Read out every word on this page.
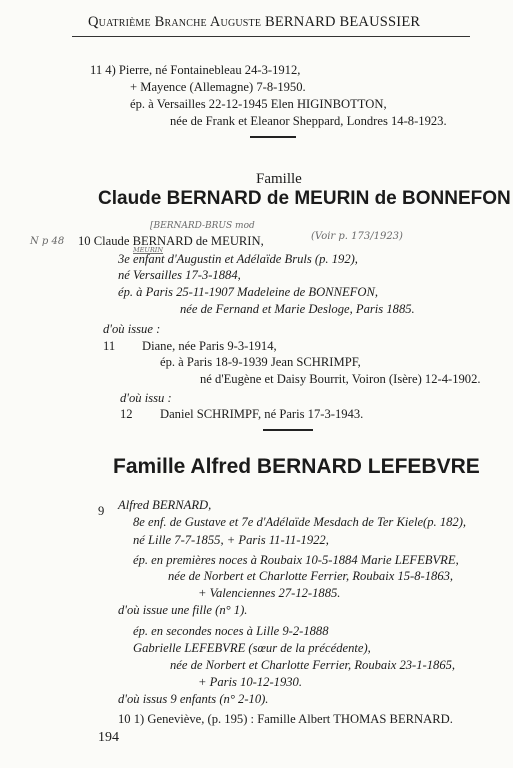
Quatrième Branche Auguste BERNARD BEAUSSIER
11 4) Pierre, né Fontainebleau 24-3-1912,
+ Mayence (Allemagne) 7-8-1950.
ép. à Versailles 22-12-1945 Elen HIGINBOTTON,
née de Frank et Eleanor Sheppard, Londres 14-8-1923.
Famille
Claude BERNARD de MEURIN de BONNEFON
N p 48
[BERNARD-BRUS mod
(Voir p. 173/1923)
MEURIN
10 Claude BERNARD de MEURIN,
3e enfant d'Augustin et Adélaïde Bruls (p. 192),
né Versailles 17-3-1884,
ép. à Paris 25-11-1907 Madeleine de BONNEFON,
née de Fernand et Marie Desloge, Paris 1885.
d'où issue :
11 Diane, née Paris 9-3-1914,
ép. à Paris 18-9-1939 Jean SCHRIMPF,
né d'Eugène et Daisy Bourrit, Voiron (Isère) 12-4-1902.
d'où issu :
12 Daniel SCHRIMPF, né Paris 17-3-1943.
Famille Alfred BERNARD LEFEBVRE
9 Alfred BERNARD,
8e enf. de Gustave et 7e d'Adélaïde Mesdach de Ter Kiele(p. 182),
né Lille 7-7-1855, + Paris 11-11-1922,
ép. en premières noces à Roubaix 10-5-1884 Marie LEFEBVRE,
née de Norbert et Charlotte Ferrier, Roubaix 15-8-1863,
+ Valenciennes 27-12-1885.
d'où issue une fille (n° 1).
ép. en secondes noces à Lille 9-2-1888
Gabrielle LEFEBVRE (sœur de la précédente),
née de Norbert et Charlotte Ferrier, Roubaix 23-1-1865,
+ Paris 10-12-1930.
d'où issus 9 enfants (n° 2-10).
10 1) Geneviève, (p. 195) : Famille Albert THOMAS BERNARD.
194
